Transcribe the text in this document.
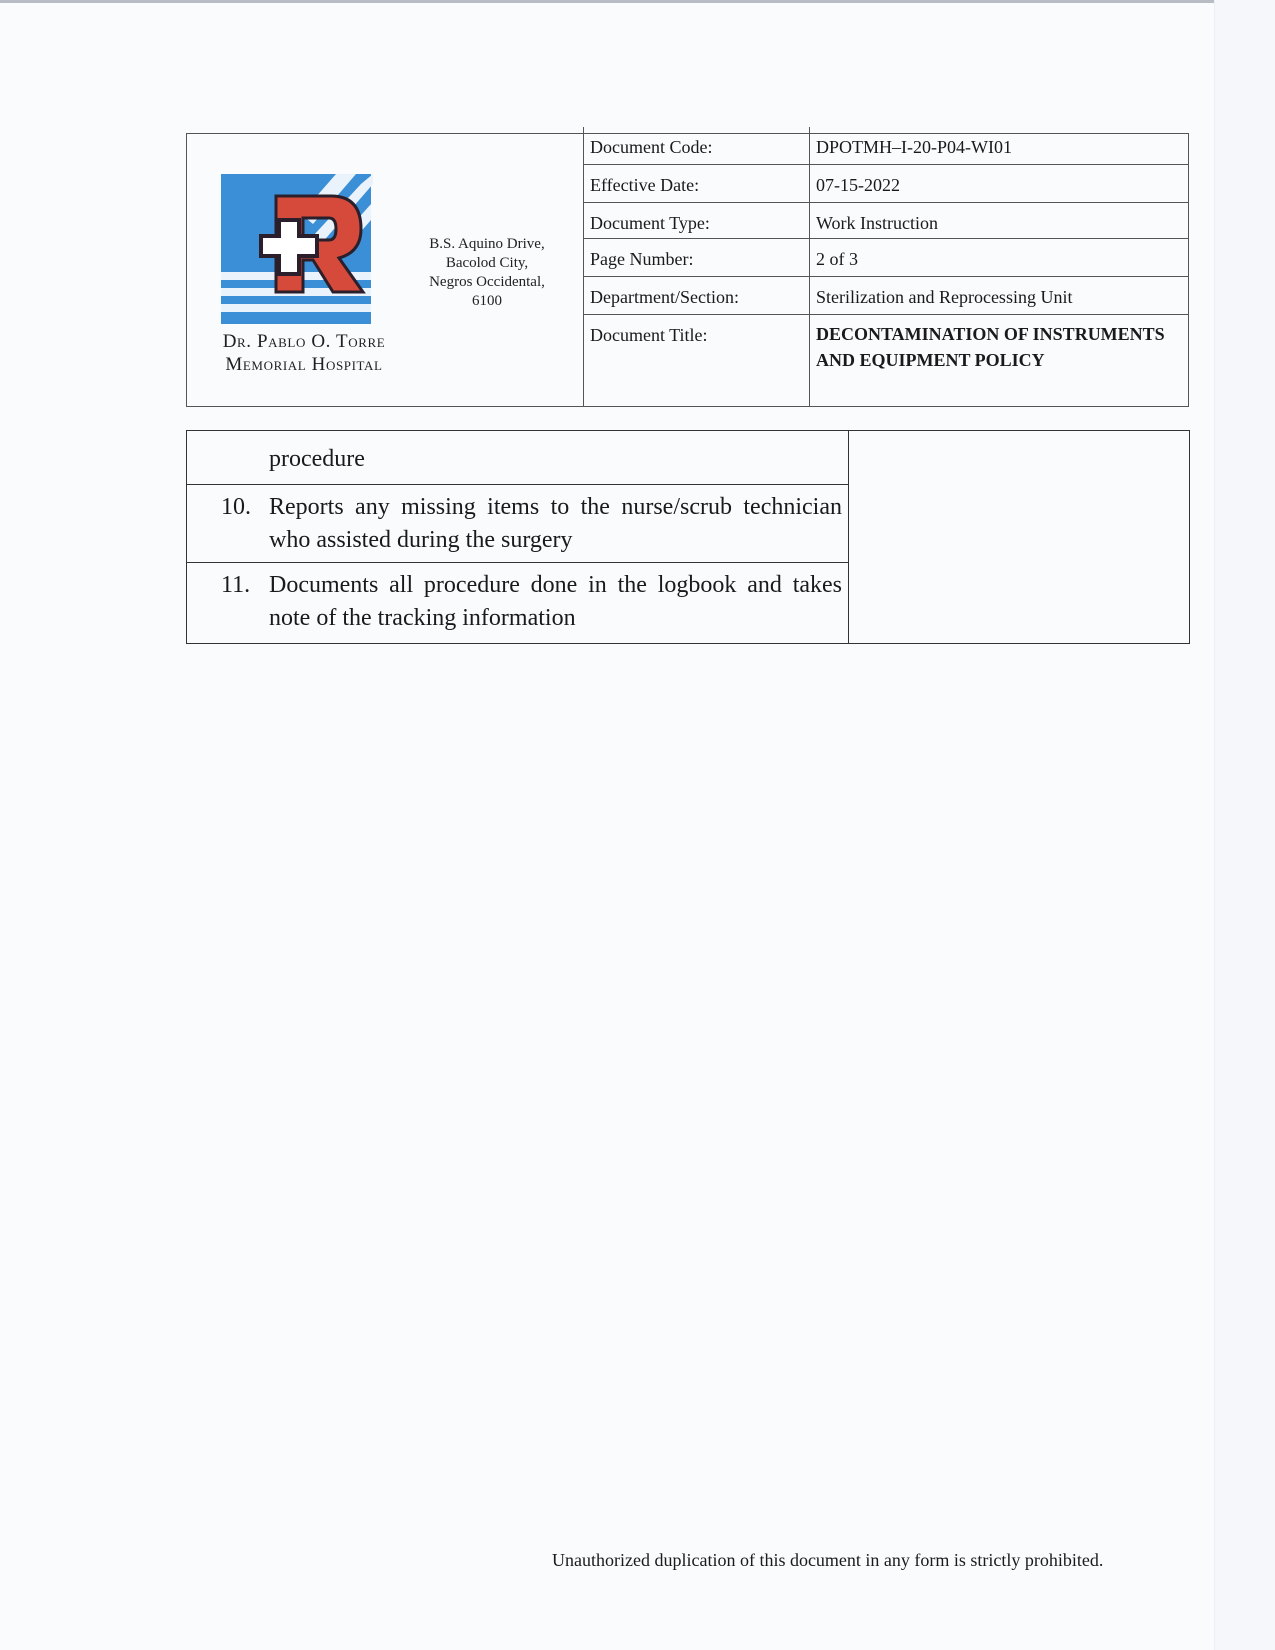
Dr. Pablo O. Torre
Memorial Hospital
B.S. Aquino Drive,
Bacolod City,
Negros Occidental,
6100
Document Code:	DPOTMH–I-20-P04-WI01
Effective Date:	07-15-2022
Document Type:	Work Instruction
Page Number:	2 of 3
Department/Section:	Sterilization and Reprocessing Unit
Document Title:	DECONTAMINATION OF INSTRUMENTS AND EQUIPMENT POLICY
procedure
10. Reports any missing items to the nurse/scrub technician who assisted during the surgery
11. Documents all procedure done in the logbook and takes note of the tracking information
Unauthorized duplication of this document in any form is strictly prohibited.
